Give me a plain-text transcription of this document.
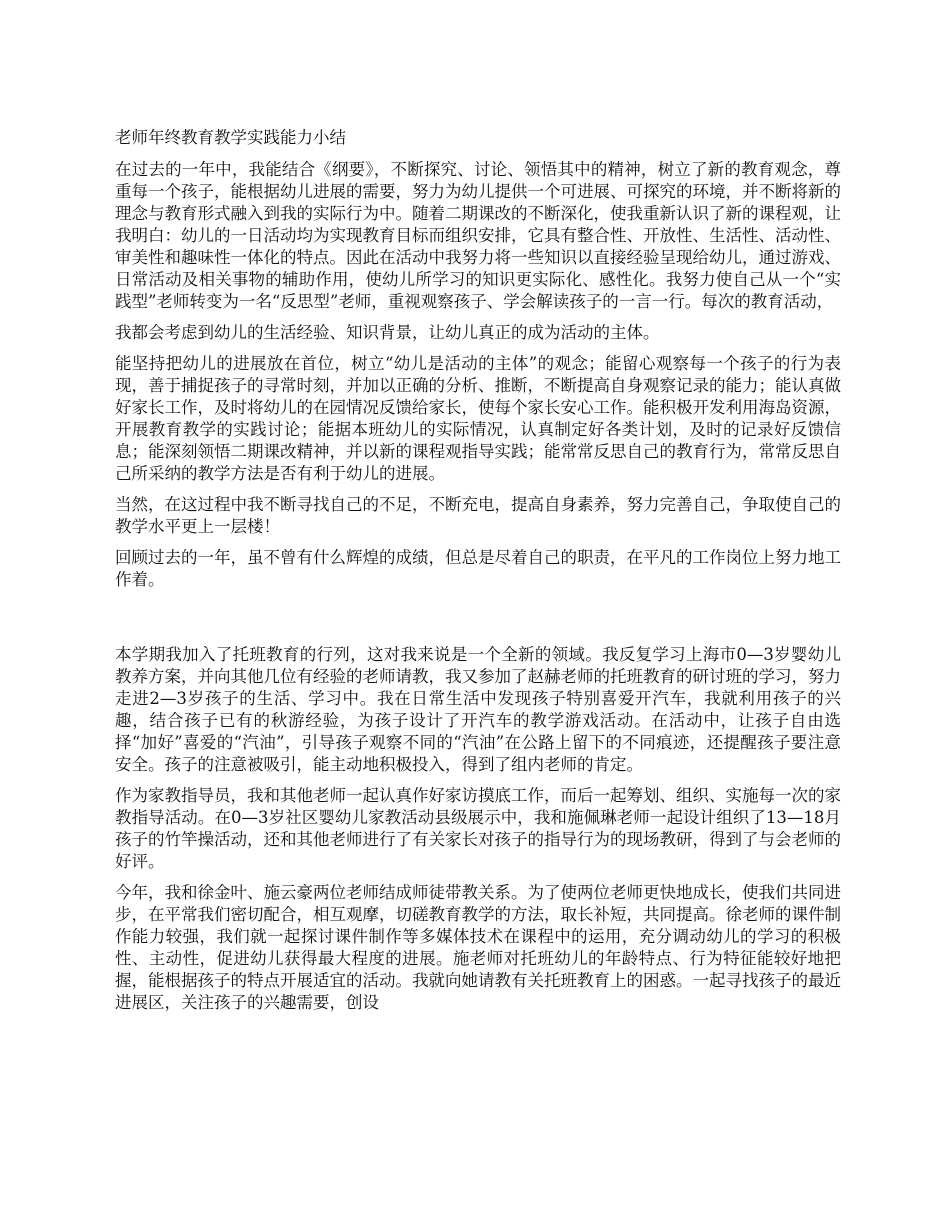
老师年终教育教学实践能力小结

在过去的一年中，我能结合《纲要》，不断探究、讨论、领悟其中的精神，树立了新的教育观念，尊重每一个孩子，能根据幼儿进展的需要，努力为幼儿提供一个可进展、可探究的环境，并不断将新的理念与教育形式融入到我的实际行为中。随着二期课改的不断深化，使我重新认识了新的课程观，让我明白：幼儿的一日活动均为实现教育目标而组织安排，它具有整合性、开放性、生活性、活动性、审美性和趣味性一体化的特点。因此在活动中我努力将一些知识以直接经验呈现给幼儿，通过游戏、日常活动及相关事物的辅助作用，使幼儿所学习的知识更实际化、感性化。我努力使自己从一个“实践型”老师转变为一名“反思型”老师，重视观察孩子、学会解读孩子的一言一行。每次的教育活动，

我都会考虑到幼儿的生活经验、知识背景，让幼儿真正的成为活动的主体。

能坚持把幼儿的进展放在首位，树立“幼儿是活动的主体”的观念；能留心观察每一个孩子的行为表现，善于捕捉孩子的寻常时刻，并加以正确的分析、推断，不断提高自身观察记录的能力；能认真做好家长工作，及时将幼儿的在园情况反馈给家长，使每个家长安心工作。能积极开发利用海岛资源，开展教育教学的实践讨论；能据本班幼儿的实际情况，认真制定好各类计划，及时的记录好反馈信息；能深刻领悟二期课改精神，并以新的课程观指导实践；能常常反思自己的教育行为，常常反思自己所采纳的教学方法是否有利于幼儿的进展。

当然，在这过程中我不断寻找自己的不足，不断充电，提高自身素养，努力完善自己，争取使自己的教学水平更上一层楼！

回顾过去的一年，虽不曾有什么辉煌的成绩，但总是尽着自己的职责，在平凡的工作岗位上努力地工作着。

本学期我加入了托班教育的行列，这对我来说是一个全新的领域。我反复学习上海市0—3岁婴幼儿教养方案，并向其他几位有经验的老师请教，我又参加了赵赫老师的托班教育的研讨班的学习，努力走进2—3岁孩子的生活、学习中。我在日常生活中发现孩子特别喜爱开汽车，我就利用孩子的兴趣，结合孩子已有的秋游经验，为孩子设计了开汽车的教学游戏活动。在活动中，让孩子自由选择“加好”喜爱的“汽油”，引导孩子观察不同的“汽油”在公路上留下的不同痕迹，还提醒孩子要注意安全。孩子的注意被吸引，能主动地积极投入，得到了组内老师的肯定。

作为家教指导员，我和其他老师一起认真作好家访摸底工作，而后一起筹划、组织、实施每一次的家教指导活动。在0—3岁社区婴幼儿家教活动县级展示中，我和施佩琳老师一起设计组织了13—18月孩子的竹竿操活动，还和其他老师进行了有关家长对孩子的指导行为的现场教研，得到了与会老师的好评。

今年，我和徐金叶、施云豪两位老师结成师徒带教关系。为了使两位老师更快地成长，使我们共同进步，在平常我们密切配合，相互观摩，切磋教育教学的方法，取长补短，共同提高。徐老师的课件制作能力较强，我们就一起探讨课件制作等多媒体技术在课程中的运用，充分调动幼儿的学习的积极性、主动性，促进幼儿获得最大程度的进展。施老师对托班幼儿的年龄特点、行为特征能较好地把握，能根据孩子的特点开展适宜的活动。我就向她请教有关托班教育上的困惑。一起寻找孩子的最近进展区，关注孩子的兴趣需要，创设
